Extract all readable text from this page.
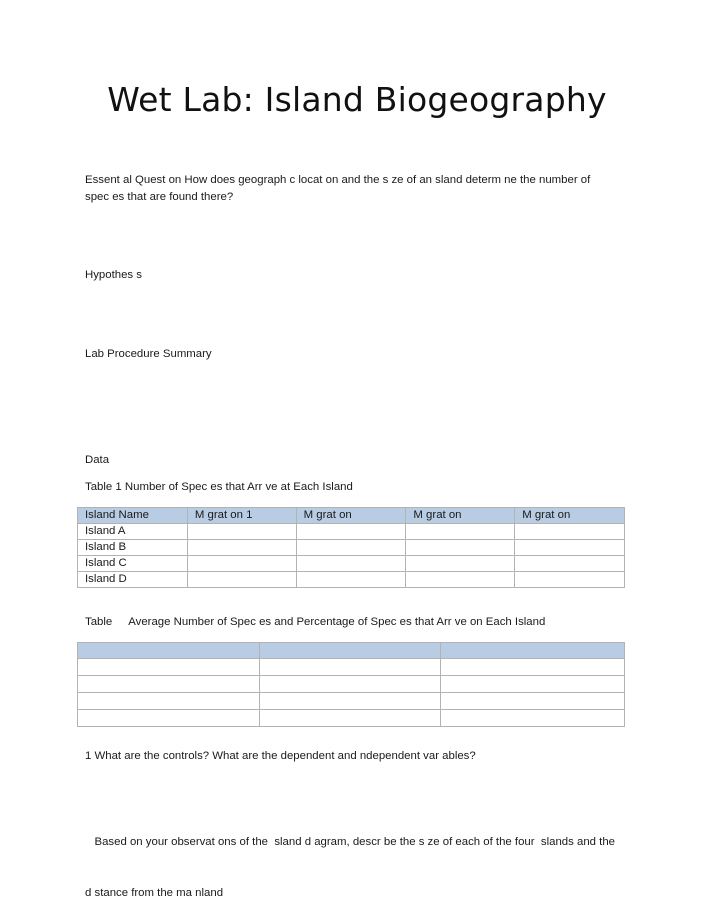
Wet Lab: Island Biogeography
Essent al Quest on How does geograph c locat on and the s ze of an sland determ ne the number of
spec es that are found there?
Hypothes s
Lab Procedure Summary
Data
Table 1 Number of Spec es that Arr ve at Each Island
Island Name	M grat on 1	M grat on	M grat on	M grat on
Island A				
Island B				
Island C				
Island D				
Table Average Number of Spec es and Percentage of Spec es that Arr ve on Each Island

1 What are the controls? What are the dependent and ndependent var ables?

Based on your observat ons of the  sland d agram, descr be the s ze of each of the four  slands and the

d stance from the ma nland
